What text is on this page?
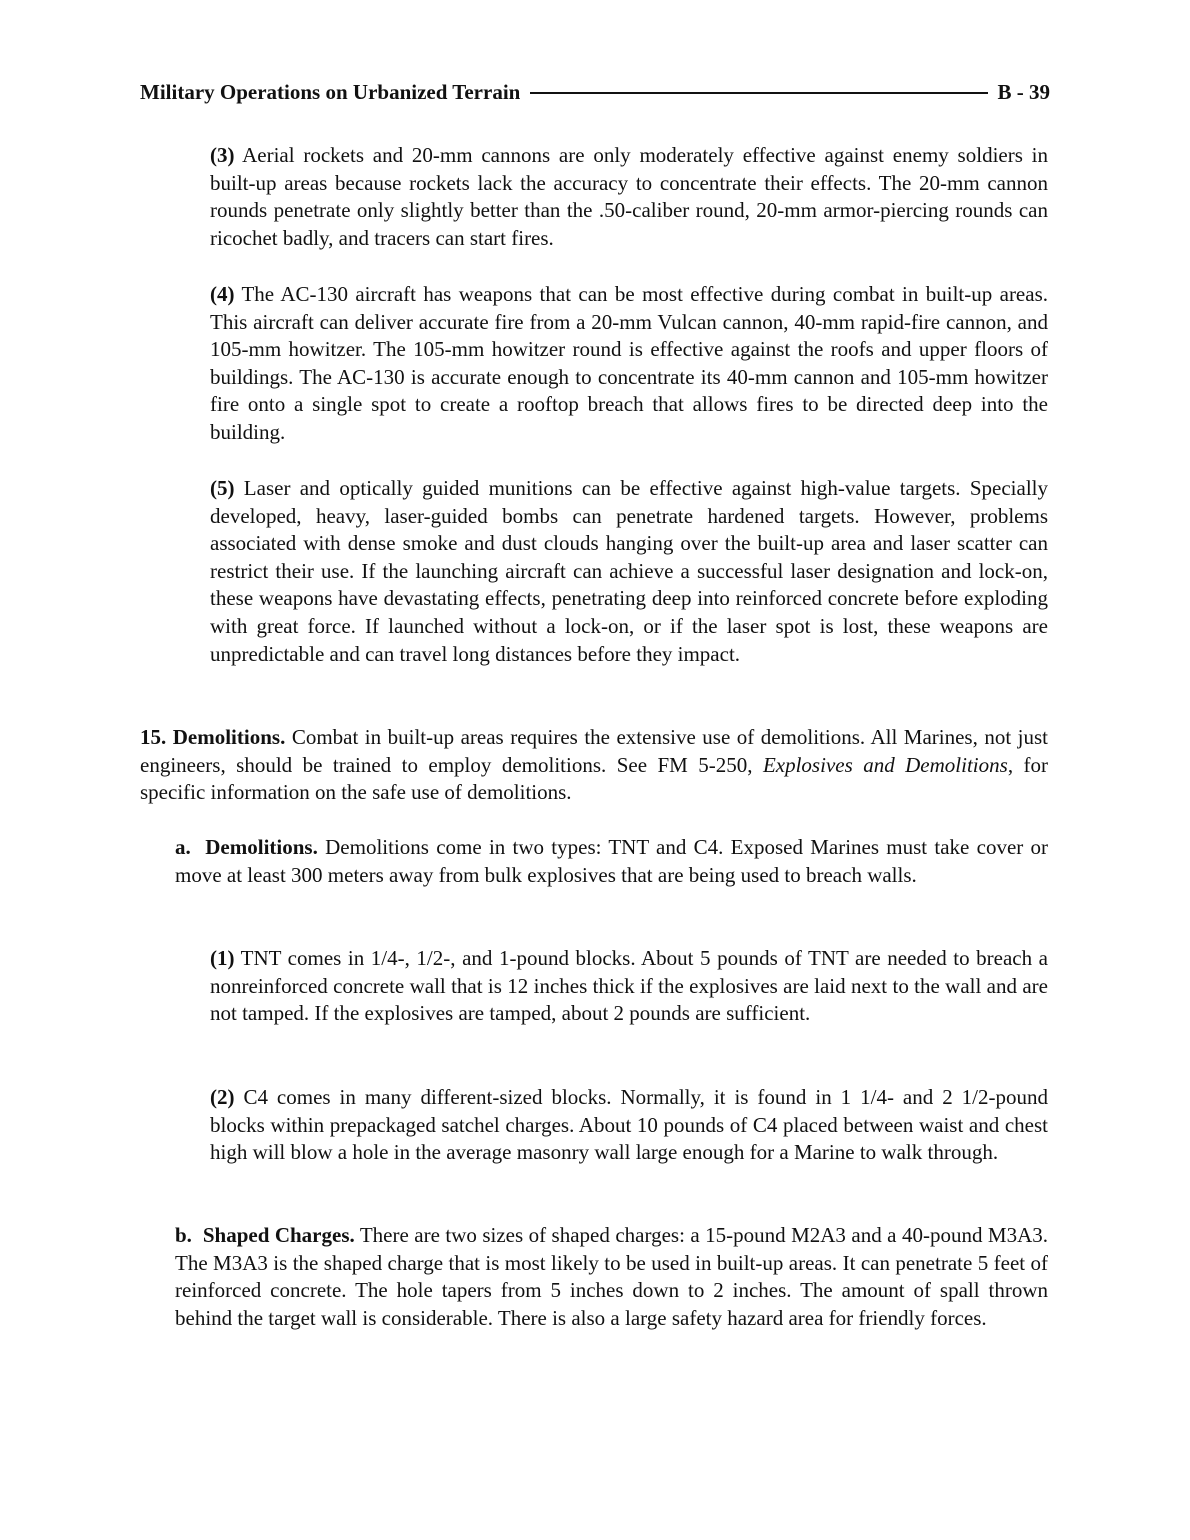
Military Operations on Urbanized Terrain	B - 39

(3) Aerial rockets and 20-mm cannons are only moderately effective against enemy soldiers in built-up areas because rockets lack the accuracy to concentrate their effects. The 20-mm cannon rounds penetrate only slightly better than the .50-caliber round, 20-mm armor-piercing rounds can ricochet badly, and tracers can start fires.

(4) The AC-130 aircraft has weapons that can be most effective during combat in built-up areas. This aircraft can deliver accurate fire from a 20-mm Vulcan cannon, 40-mm rapid-fire cannon, and 105-mm howitzer. The 105-mm howitzer round is effective against the roofs and upper floors of buildings. The AC-130 is accurate enough to concentrate its 40-mm cannon and 105-mm howitzer fire onto a single spot to create a rooftop breach that allows fires to be directed deep into the building.

(5) Laser and optically guided munitions can be effective against high-value targets. Specially developed, heavy, laser-guided bombs can penetrate hardened targets. However, problems associated with dense smoke and dust clouds hanging over the built-up area and laser scatter can restrict their use. If the launching aircraft can achieve a successful laser designation and lock-on, these weapons have devastating effects, penetrating deep into reinforced concrete before exploding with great force. If launched without a lock-on, or if the laser spot is lost, these weapons are unpredictable and can travel long distances before they impact.

15. Demolitions. Combat in built-up areas requires the extensive use of demolitions. All Marines, not just engineers, should be trained to employ demolitions. See FM 5-250, Explosives and Demolitions, for specific information on the safe use of demolitions.

a.  Demolitions. Demolitions come in two types: TNT and C4. Exposed Marines must take cover or move at least 300 meters away from bulk explosives that are being used to breach walls.

(1) TNT comes in 1/4-, 1/2-, and 1-pound blocks. About 5 pounds of TNT are needed to breach a nonreinforced concrete wall that is 12 inches thick if the explosives are laid next to the wall and are not tamped. If the explosives are tamped, about 2 pounds are sufficient.

(2) C4 comes in many different-sized blocks. Normally, it is found in 1 1/4- and 2 1/2-pound blocks within prepackaged satchel charges. About 10 pounds of C4 placed between waist and chest high will blow a hole in the average masonry wall large enough for a Marine to walk through.

b.  Shaped Charges. There are two sizes of shaped charges: a 15-pound M2A3 and a 40-pound M3A3. The M3A3 is the shaped charge that is most likely to be used in built-up areas. It can penetrate 5 feet of reinforced concrete. The hole tapers from 5 inches down to 2 inches. The amount of spall thrown behind the target wall is considerable. There is also a large safety hazard area for friendly forces.
